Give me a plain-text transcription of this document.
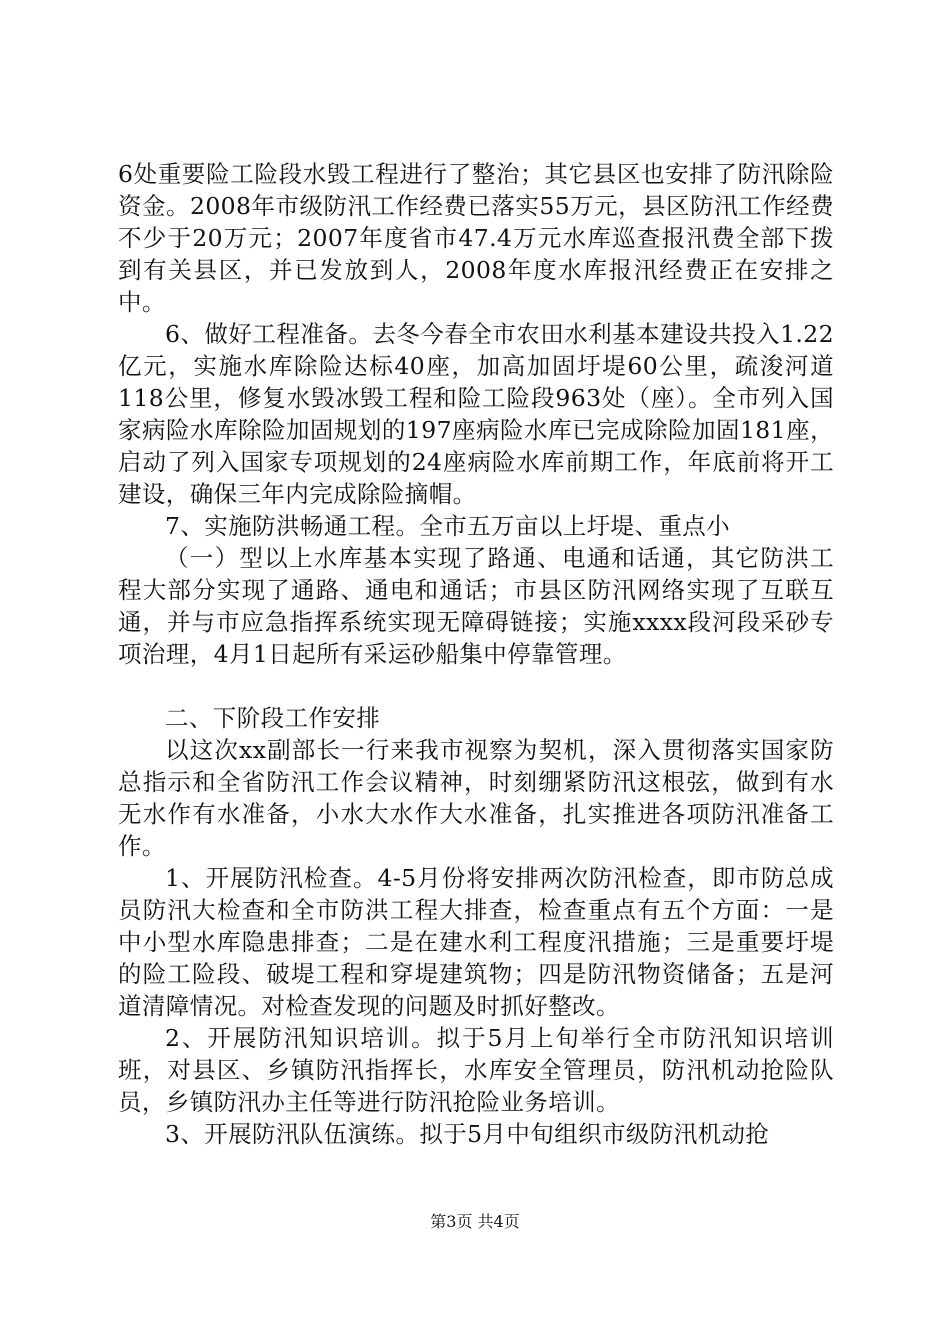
6处重要险工险段水毁工程进行了整治；其它县区也安排了防汛除险资金。2008年市级防汛工作经费已落实55万元，县区防汛工作经费不少于20万元；2007年度省市47.4万元水库巡查报汛费全部下拨到有关县区，并已发放到人，2008年度水库报汛经费正在安排之中。

6、做好工程准备。去冬今春全市农田水利基本建设共投入1.22亿元，实施水库除险达标40座，加高加固圩堤60公里，疏浚河道118公里，修复水毁冰毁工程和险工险段963处（座）。全市列入国家病险水库除险加固规划的197座病险水库已完成除险加固181座，启动了列入国家专项规划的24座病险水库前期工作，年底前将开工建设，确保三年内完成除险摘帽。

7、实施防洪畅通工程。全市五万亩以上圩堤、重点小

（一）型以上水库基本实现了路通、电通和话通，其它防洪工程大部分实现了通路、通电和通话；市县区防汛网络实现了互联互通，并与市应急指挥系统实现无障碍链接；实施xxxx段河段采砂专项治理，4月1日起所有采运砂船集中停靠管理。

二、下阶段工作安排

以这次xx副部长一行来我市视察为契机，深入贯彻落实国家防总指示和全省防汛工作会议精神，时刻绷紧防汛这根弦，做到有水无水作有水准备，小水大水作大水准备，扎实推进各项防汛准备工作。

1、开展防汛检查。4-5月份将安排两次防汛检查，即市防总成员防汛大检查和全市防洪工程大排查，检查重点有五个方面：一是中小型水库隐患排查；二是在建水利工程度汛措施；三是重要圩堤的险工险段、破堤工程和穿堤建筑物；四是防汛物资储备；五是河道清障情况。对检查发现的问题及时抓好整改。

2、开展防汛知识培训。拟于5月上旬举行全市防汛知识培训班，对县区、乡镇防汛指挥长，水库安全管理员，防汛机动抢险队员，乡镇防汛办主任等进行防汛抢险业务培训。

3、开展防汛队伍演练。拟于5月中旬组织市级防汛机动抢

第3页 共4页
